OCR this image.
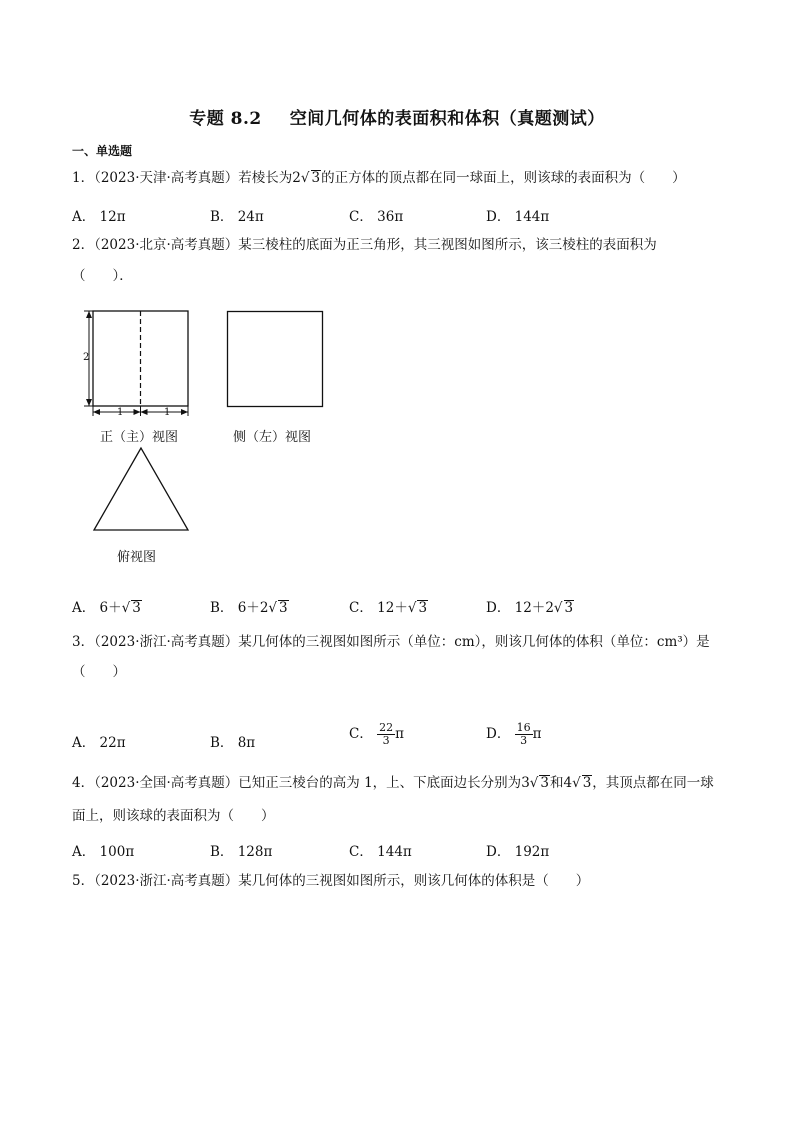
专题 8.2 空间几何体的表面积和体积（真题测试）
一、单选题
1．（2023·天津·高考真题）若棱长为2√ 3的正方体的顶点都在同一球面上，则该球的表面积为（　　）
A． 12π	B． 24π	C． 36π	D． 144π
2．（2023·北京·高考真题）某三棱柱的底面为正三角形，其三视图如图所示，该三棱柱的表面积为
（　　）．
2
1	1
正（主）视图	侧（左）视图
俯视图
A． 6＋√ 3	B． 6＋2√ 3	C． 12＋√ 3	D． 12＋2√ 3
3．（2023·浙江·高考真题）某几何体的三视图如图所示（单位：cm），则该几何体的体积（单位：cm³）是
（　　）
A． 22π	B． 8π
C． $\frac{22}{3}$ π	D． $\frac{16}{3}$ π
4．（2023·全国·高考真题）已知正三棱台的高为 1，上、下底面边长分别为3√ 3和4√ 3，其顶点都在同一球
面上，则该球的表面积为（　　）
A． 100π	B． 128π	C． 144π	D． 192π
5．（2023·浙江·高考真题）某几何体的三视图如图所示，则该几何体的体积是（　　）
